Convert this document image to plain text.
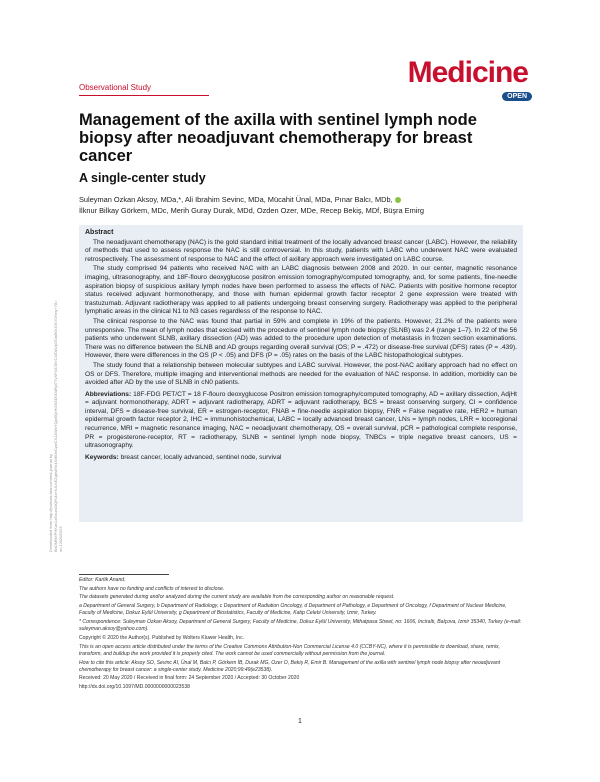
Observational Study	Medicine
OPEN
Management of the axilla with sentinel lymph node biopsy after neoadjuvant chemotherapy for breast cancer
A single-center study
Suleyman Ozkan Aksoy, MDa,*, Ali Ibrahim Sevinc, MDa, Mücahit Ünal, MDa, Pınar Balcı, MDb,
İlknur Bilkay Görkem, MDc, Merih Guray Durak, MDd, Ozden Ozer, MDe, Recep Bekiş, MDf, Büşra Emirg
Downloaded from http://journals.lww.com/md-journal by BhDMf5ePHKav1zEoum1tQfN4a+kJLhEZgbsIHo4XMi0hCywCX1AWnYQp/IlQrHD3i3D0OdRyi7TvSFl4Cf3VC4/OAVpDDa8KKGKV0Ymy+78= on 12/09/2023
Abstract

The neoadjuvant chemotherapy (NAC) is the gold standard initial treatment of the locally advanced breast cancer (LABC). However, the reliability of methods that used to assess response the NAC is still controversial. In this study, patients with LABC who underwent NAC were evaluated retrospectively. The assessment of response to NAC and the effect of axillary approach were investigated on LABC course.

The study comprised 94 patients who received NAC with an LABC diagnosis between 2008 and 2020. In our center, magnetic resonance imaging, ultrasonography, and 18F-flouro deoxyglucose positron emission tomography/computed tomography, and, for some patients, fine-needle aspiration biopsy of suspicious axillary lymph nodes have been performed to assess the effects of NAC. Patients with positive hormone receptor status received adjuvant hormonotherapy, and those with human epidermal growth factor receptor 2 gene expression were treated with trastuzumab. Adjuvant radiotherapy was applied to all patients undergoing breast conserving surgery. Radiotherapy was applied to the peripheral lymphatic areas in the clinical N1 to N3 cases regardless of the response to NAC.

The clinical response to the NAC was found that partial in 59% and complete in 19% of the patients. However, 21.2% of the patients were unresponsive. The mean of lymph nodes that excised with the procedure of sentinel lymph node biopsy (SLNB) was 2.4 (range 1–7). In 22 of the 56 patients who underwent SLNB, axillary dissection (AD) was added to the procedure upon detection of metastasis in frozen section examinations. There was no difference between the SLNB and AD groups regarding overall survival (OS; P = .472) or disease-free survival (DFS) rates (P = .439). However, there were differences in the OS (P < .05) and DFS (P = .05) rates on the basis of the LABC histopathological subtypes.

The study found that a relationship between molecular subtypes and LABC survival. However, the post-NAC axillary approach had no effect on OS or DFS. Therefore, multiple imaging and interventional methods are needed for the evaluation of NAC response. In addition, morbidity can be avoided after AD by the use of SLNB in cN0 patients.

Abbreviations: 18F-FDG PET/CT = 18 F-flouro deoxyglucose Positron emission tomography/computed tomography, AD = axillary dissection, AdjHt = adjuvant hormonotherapy, ADRT = adjuvant radiotherapy, ADRT = adjuvant radiotherapy, BCS = breast conserving surgery, CI = confidence interval, DFS = disease-free survival, ER = estrogen-receptor, FNAB = fine-needle aspiration biopsy, FNR = False negative rate, HER2 = human epidermal growth factor receptor 2, IHC = immunohistochemical, LABC = locally advanced breast cancer, LNs = lymph nodes, LRR = locoregional recurrence, MRI = magnetic resonance imaging, NAC = neoadjuvant chemotherapy, OS = overall survival, pCR = pathological complete response, PR = progesterone-receptor, RT = radiotherapy, SLNB = sentinel lymph node biopsy, TNBCs = triple negative breast cancers, US = ultrasonography.

Keywords: breast cancer, locally advanced, sentinel node, survival

Editor: Kartik Anand.

The authors have no funding and conflicts of interest to disclose.

The datasets generated during and/or analyzed during the current study are available from the corresponding author on reasonable request.

a Department of General Surgery, b Department of Radiology, c Department of Radiation Oncology, d Department of Pathology, e Department of Oncology, f Department of Nuclear Medicine, Faculty of Medicine, Dokuz Eylül University, g Department of Biostatistics, Faculty of Medicine, Katip Celebi University, Izmir, Turkey.

* Correspondence: Suleyman Ozkan Aksoy, Department of General Surgery, Faculty of Medicine, Dokuz Eylül University, Mithatpasa Street, no: 1606, Inciraltı, Balçova, Izmir 35340, Turkey (e-mail: suleyman.aksoy@yahoo.com).

Copyright © 2020 the Author(s). Published by Wolters Kluwer Health, Inc.

This is an open access article distributed under the terms of the Creative Commons Attribution-Non Commercial License 4.0 (CCBY-NC), where it is permissible to download, share, remix, transform, and buildup the work provided it is properly cited. The work cannot be used commercially without permission from the journal.

How to cite this article: Aksoy SO, Sevinc AI, Ünal M, Balcı P, Görkem İB, Durak MG, Ozer O, Bekiş R, Emir B. Management of the axilla with sentinel lymph node biopsy after neoadjuvant chemotherapy for breast cancer: a single-center study. Medicine 2020;99:49(e23538).

Received: 20 May 2020 / Received in final form: 24 September 2020 / Accepted: 30 October 2020

http://dx.doi.org/10.1097/MD.0000000000023538

1
